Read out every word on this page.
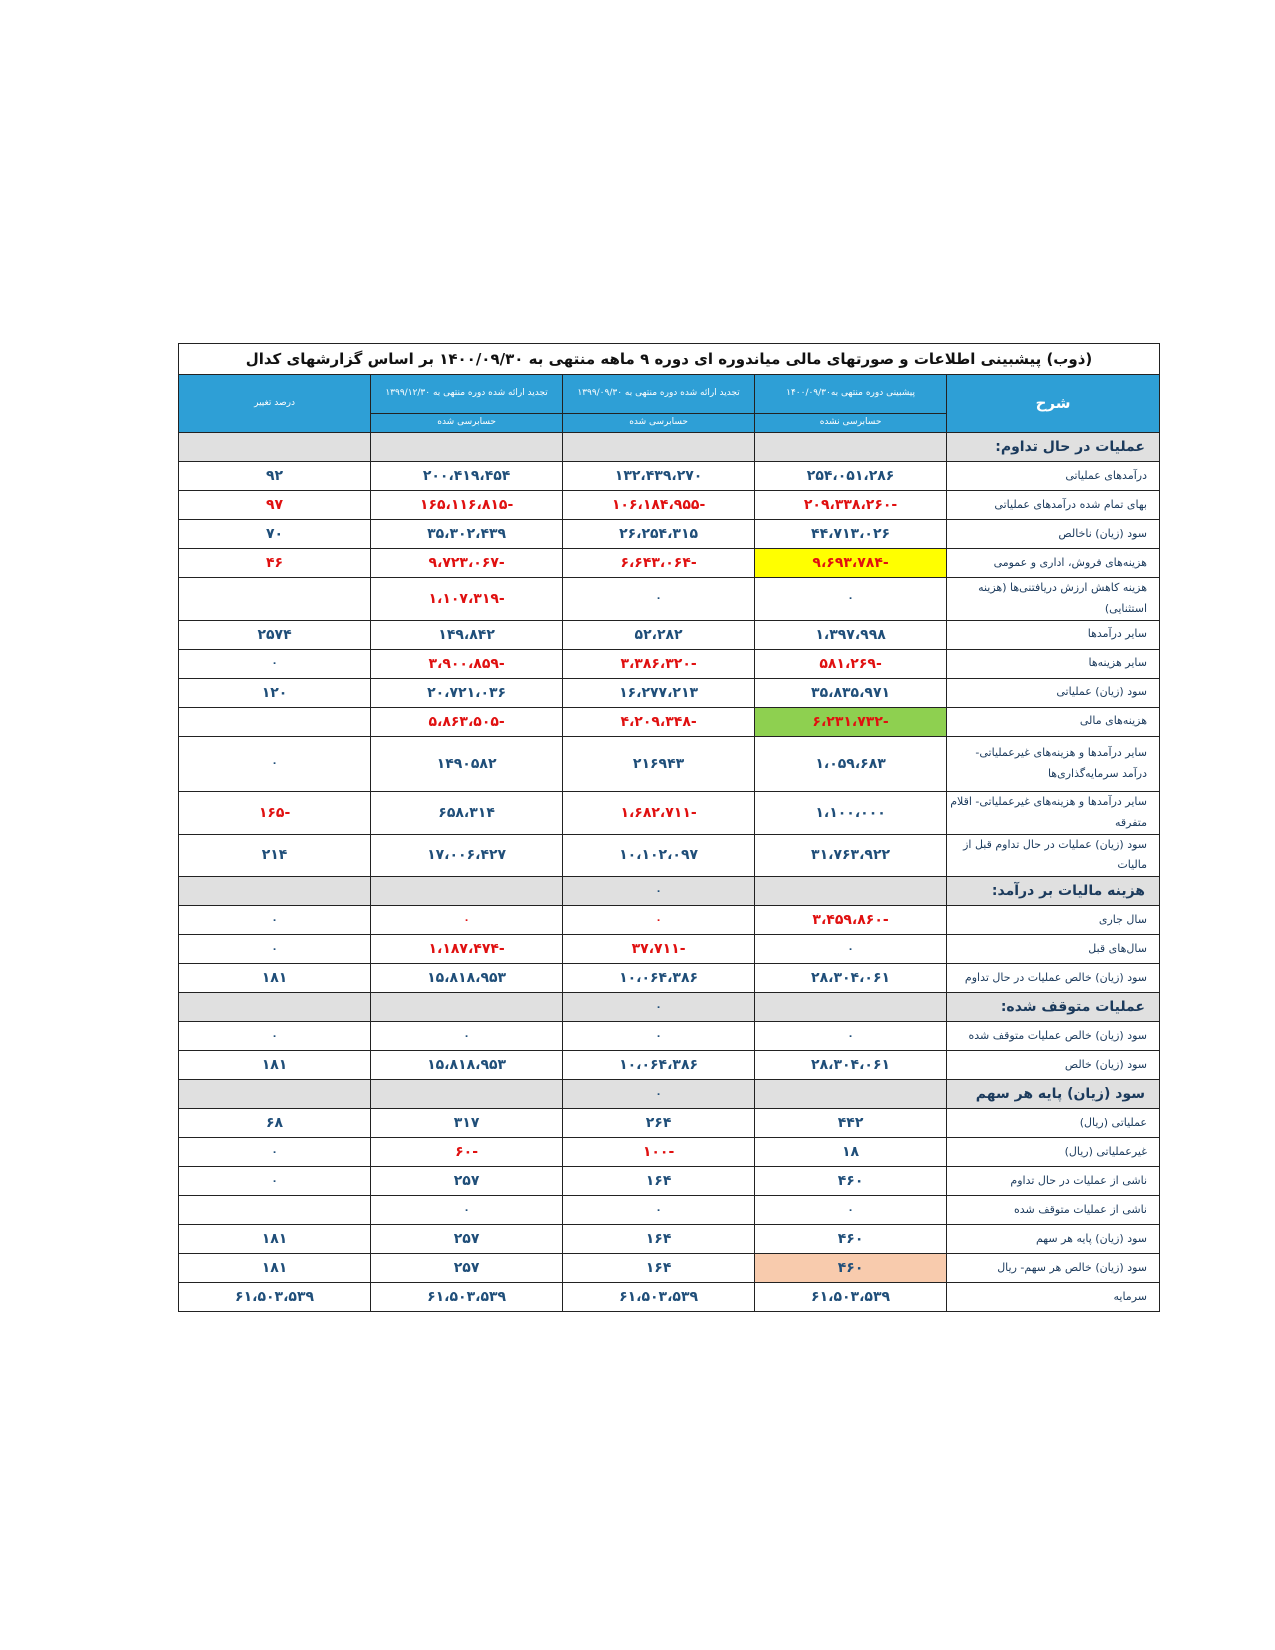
(ذوب) پیشبینی اطلاعات و صورتهای مالی میاندوره ای دوره ۹ ماهه منتهی به ۱۴۰۰/۰۹/۳۰ بر اساس گزارشهای کدال				
شرح	پیشبینی دوره منتهی به۱۴۰۰/۰۹/۳۰	تجدید ارائه شده دوره منتهی به ۱۳۹۹/۰۹/۳۰	تجدید ارائه شده دوره منتهی به ۱۳۹۹/۱۲/۳۰	درصد تغییر
	حسابرسی نشده	حسابرسی شده	حسابرسی شده	
عملیات در حال تداوم:				
درآمدهای عملیاتی	۲۵۴،۰۵۱،۲۸۶	۱۳۲،۴۳۹،۲۷۰	۲۰۰،۴۱۹،۴۵۴	۹۲
بهای تمام شده درآمدهای عملیاتی	-۲۰۹،۳۳۸،۲۶۰	-۱۰۶،۱۸۴،۹۵۵	-۱۶۵،۱۱۶،۸۱۵	۹۷
سود (زیان) ناخالص	۴۴،۷۱۳،۰۲۶	۲۶،۲۵۴،۳۱۵	۳۵،۳۰۲،۴۳۹	۷۰
هزینه‌های فروش، اداری و عمومی	-۹،۶۹۳،۷۸۴	-۶،۶۴۳،۰۶۴	-۹،۷۲۳،۰۶۷	۴۶
هزینه کاهش ارزش دریافتنی‌ها (هزینه استثنایی)	۰	۰	-۱،۱۰۷،۳۱۹	
سایر درآمدها	۱،۳۹۷،۹۹۸	۵۲،۲۸۲	۱۴۹،۸۴۲	۲۵۷۴
سایر هزینه‌ها	-۵۸۱،۲۶۹	-۳،۳۸۶،۳۲۰	-۳،۹۰۰،۸۵۹	۰
سود (زیان) عملیاتی	۳۵،۸۳۵،۹۷۱	۱۶،۲۷۷،۲۱۳	۲۰،۷۲۱،۰۳۶	۱۲۰
هزینه‌های مالی	-۶،۲۳۱،۷۳۲	-۴،۲۰۹،۳۴۸	-۵،۸۶۳،۵۰۵	
سایر درآمدها و هزینه‌های غیرعملیاتی- درآمد سرمایه‌گذاری‌ها	۱،۰۵۹،۶۸۳	۲۱۶۹۴۳	۱۴۹۰۵۸۲	۰
سایر درآمدها و هزینه‌های غیرعملیاتی- اقلام متفرقه	۱،۱۰۰،۰۰۰	-۱،۶۸۲،۷۱۱	۶۵۸،۳۱۴	-۱۶۵
سود (زیان) عملیات در حال تداوم قبل از مالیات	۳۱،۷۶۳،۹۲۲	۱۰،۱۰۲،۰۹۷	۱۷،۰۰۶،۴۲۷	۲۱۴
هزینه مالیات بر درآمد:		۰		
سال جاری	-۳،۴۵۹،۸۶۰	۰	۰	۰
سال‌های قبل	۰	-۳۷،۷۱۱	-۱،۱۸۷،۴۷۴	۰
سود (زیان) خالص عملیات در حال تداوم	۲۸،۳۰۴،۰۶۱	۱۰،۰۶۴،۳۸۶	۱۵،۸۱۸،۹۵۳	۱۸۱
عملیات متوقف شده:		۰		
سود (زیان) خالص عملیات متوقف شده	۰	۰	۰	۰
سود (زیان) خالص	۲۸،۳۰۴،۰۶۱	۱۰،۰۶۴،۳۸۶	۱۵،۸۱۸،۹۵۳	۱۸۱
سود (زیان) پایه هر سهم		۰		
عملیاتی (ریال)	۴۴۲	۲۶۴	۳۱۷	۶۸
غیرعملیاتی (ریال)	۱۸	-۱۰۰	-۶۰	۰
ناشی از عملیات در حال تداوم	۴۶۰	۱۶۴	۲۵۷	۰
ناشی از عملیات متوقف شده	۰	۰	۰	
سود (زیان) پایه هر سهم	۴۶۰	۱۶۴	۲۵۷	۱۸۱
سود (زیان) خالص هر سهم- ریال	۴۶۰	۱۶۴	۲۵۷	۱۸۱
سرمایه	۶۱،۵۰۳،۵۳۹	۶۱،۵۰۳،۵۳۹	۶۱،۵۰۳،۵۳۹	۶۱،۵۰۳،۵۳۹
